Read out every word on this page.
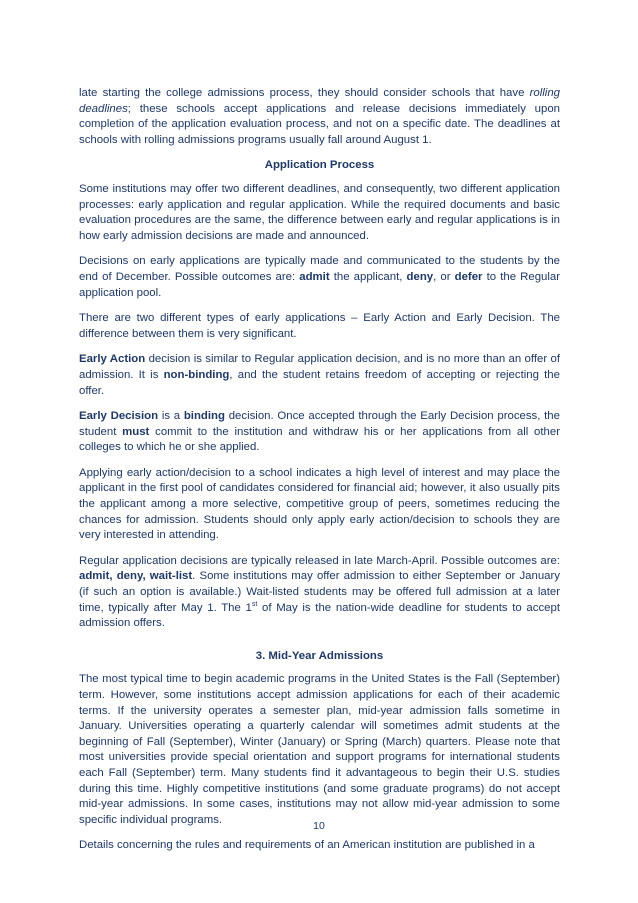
late starting the college admissions process, they should consider schools that have rolling deadlines; these schools accept applications and release decisions immediately upon completion of the application evaluation process, and not on a specific date. The deadlines at schools with rolling admissions programs usually fall around August 1.

Application Process

Some institutions may offer two different deadlines, and consequently, two different application processes: early application and regular application. While the required documents and basic evaluation procedures are the same, the difference between early and regular applications is in how early admission decisions are made and announced.

Decisions on early applications are typically made and communicated to the students by the end of December. Possible outcomes are: admit the applicant, deny, or defer to the Regular application pool.

There are two different types of early applications – Early Action and Early Decision. The difference between them is very significant.

Early Action decision is similar to Regular application decision, and is no more than an offer of admission. It is non-binding, and the student retains freedom of accepting or rejecting the offer.

Early Decision is a binding decision. Once accepted through the Early Decision process, the student must commit to the institution and withdraw his or her applications from all other colleges to which he or she applied.

Applying early action/decision to a school indicates a high level of interest and may place the applicant in the first pool of candidates considered for financial aid; however, it also usually pits the applicant among a more selective, competitive group of peers, sometimes reducing the chances for admission. Students should only apply early action/decision to schools they are very interested in attending.

Regular application decisions are typically released in late March-April. Possible outcomes are: admit, deny, wait-list. Some institutions may offer admission to either September or January (if such an option is available.) Wait-listed students may be offered full admission at a later time, typically after May 1. The 1st of May is the nation-wide deadline for students to accept admission offers.

3. Mid-Year Admissions

The most typical time to begin academic programs in the United States is the Fall (September) term. However, some institutions accept admission applications for each of their academic terms. If the university operates a semester plan, mid-year admission falls sometime in January. Universities operating a quarterly calendar will sometimes admit students at the beginning of Fall (September), Winter (January) or Spring (March) quarters. Please note that most universities provide special orientation and support programs for international students each Fall (September) term. Many students find it advantageous to begin their U.S. studies during this time. Highly competitive institutions (and some graduate programs) do not accept mid-year admissions. In some cases, institutions may not allow mid-year admission to some specific individual programs.

Details concerning the rules and requirements of an American institution are published in a

10
